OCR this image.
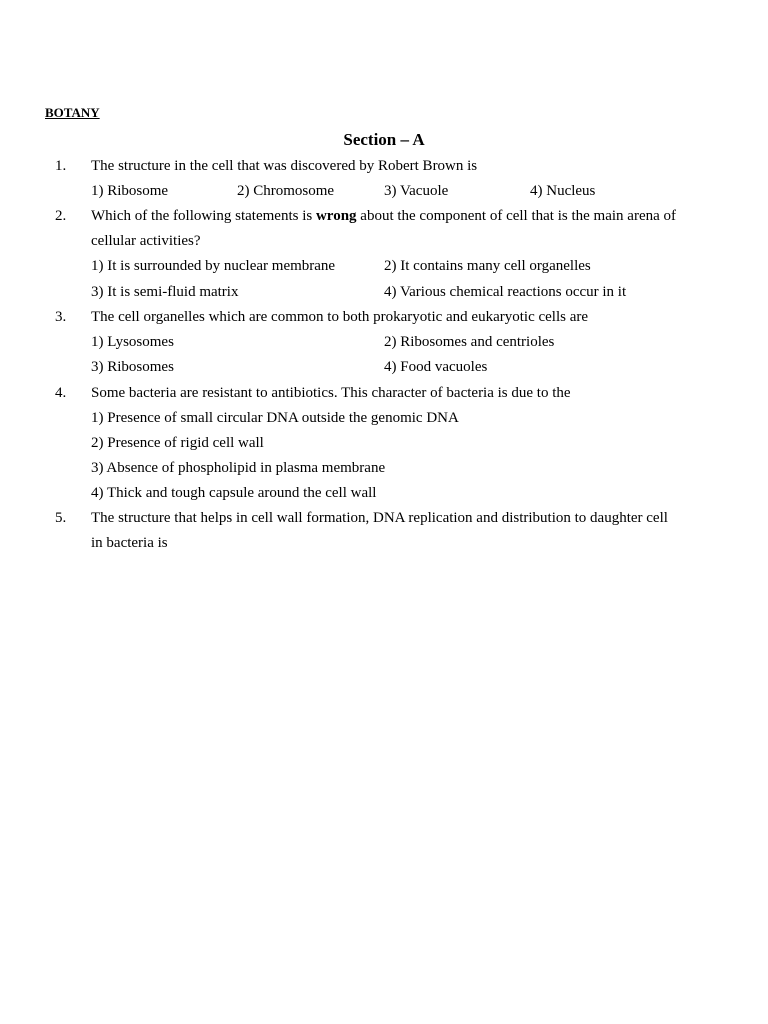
BOTANY
Section – A
1. The structure in the cell that was discovered by Robert Brown is
1) Ribosome	2) Chromosome	3) Vacuole	4) Nucleus
2. Which of the following statements is wrong about the component of cell that is the main arena of
cellular activities?
1) It is surrounded by nuclear membrane	2) It contains many cell organelles
3) It is semi-fluid matrix	4) Various chemical reactions occur in it
3. The cell organelles which are common to both prokaryotic and eukaryotic cells are
1) Lysosomes	2) Ribosomes and centrioles
3) Ribosomes	4) Food vacuoles
4. Some bacteria are resistant to antibiotics. This character of bacteria is due to the
1) Presence of small circular DNA outside the genomic DNA
2) Presence of rigid cell wall
3) Absence of phospholipid in plasma membrane
4) Thick and tough capsule around the cell wall
5. The structure that helps in cell wall formation, DNA replication and distribution to daughter cell
in bacteria is
